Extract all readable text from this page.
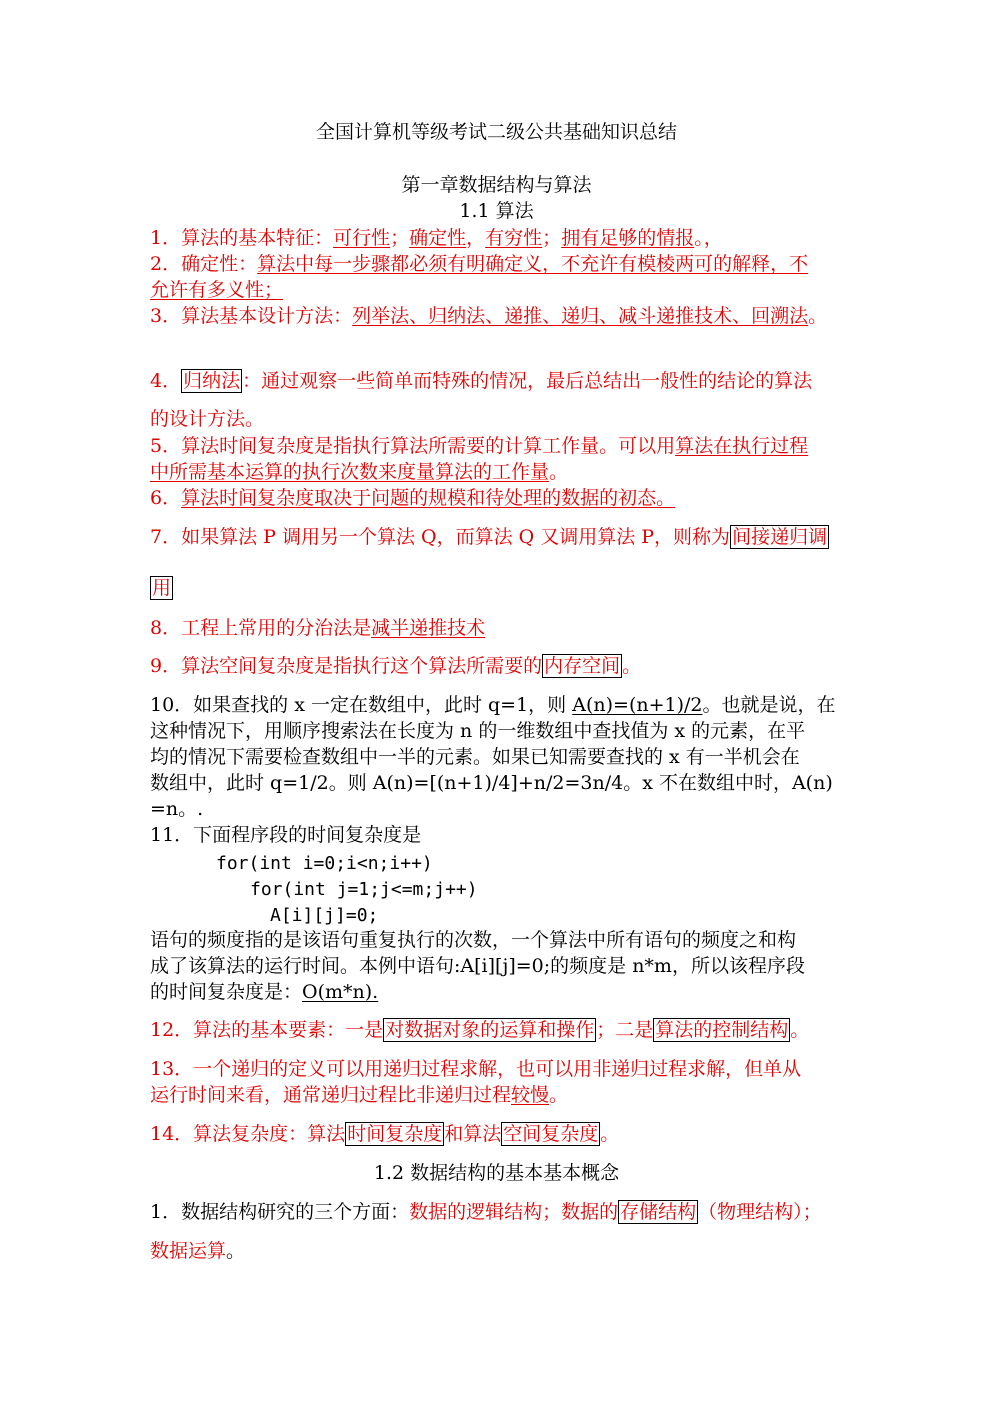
全国计算机等级考试二级公共基础知识总结
第一章数据结构与算法
1.1 算法
1．算法的基本特征：可行性；确定性，有穷性；拥有足够的情报。，
2．确定性：算法中每一步骤都必须有明确定义，不充许有模棱两可的解释，不
允许有多义性；
3．算法基本设计方法：列举法、归纳法、递推、递归、减斗递推技术、回溯法。
4． 归纳法 ：通过观察一些简单而特殊的情况，最后总结出一般性的结论的算法
的设计方法。
5．算法时间复杂度是指执行算法所需要的计算工作量。可以用算法在执行过程
中所需基本运算的执行次数来度量算法的工作量。
6．算法时间复杂度取决于问题的规模和待处理的数据的初态。
7．如果算法 P 调用另一个算法 Q，而算法 Q 又调用算法 P，则称为 间接递归调
用
8．工程上常用的分治法是减半递推技术
9．算法空间复杂度是指执行这个算法所需要的 内存空间 。
10．如果查找的 x 一定在数组中，此时 q=1，则 A(n)=(n+1)/2。也就是说，在
这种情况下，用顺序搜索法在长度为 n 的一维数组中查找值为 x 的元素，在平
均的情况下需要检查数组中一半的元素。如果已知需要查找的 x 有一半机会在
数组中，此时 q=1/2。则 A(n)=[(n+1)/4]+n/2=3n/4。x 不在数组中时，A(n)
=n。.
11．下面程序段的时间复杂度是
for(int i=0;i<n;i++)
for(int j=1;j<=m;j++)
A[i][j]=0;
语句的频度指的是该语句重复执行的次数，一个算法中所有语句的频度之和构
成了该算法的运行时间。本例中语句:A[i][j]=0;的频度是 n*m，所以该程序段
的时间复杂度是：O(m*n).
12．算法的基本要素：一是 对数据对象的运算和操作 ；二是 算法的控制结构 。
13．一个递归的定义可以用递归过程求解，也可以用非递归过程求解，但单从
运行时间来看，通常递归过程比非递归过程较慢。
14．算法复杂度：算法 时间复杂度 和算法 空间复杂度 。
1.2 数据结构的基本基本概念
1．数据结构研究的三个方面：数据的逻辑结构；数据的 存储结构 （物理结构）；
数据运算。
